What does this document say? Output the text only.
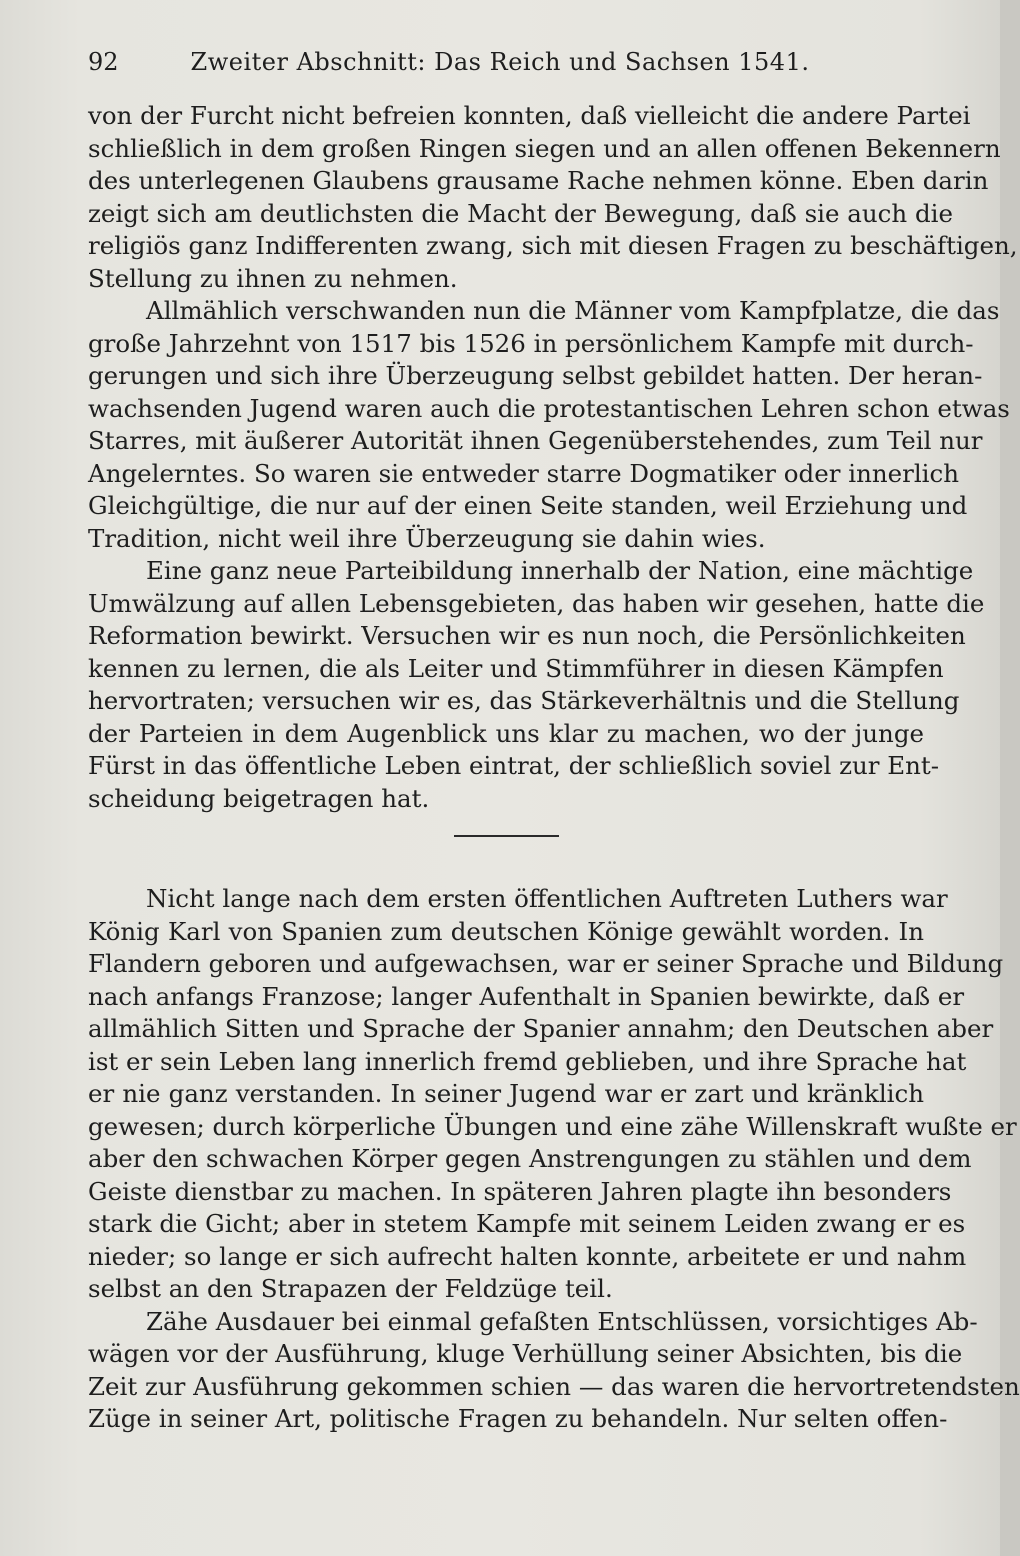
92	Zweiter Abschnitt: Das Reich und Sachsen 1541.

von der Furcht nicht befreien konnten, daß vielleicht die andere Partei
schließlich in dem großen Ringen siegen und an allen offenen Bekennern
des unterlegenen Glaubens grausame Rache nehmen könne. Eben darin
zeigt sich am deutlichsten die Macht der Bewegung, daß sie auch die
religiös ganz Indifferenten zwang, sich mit diesen Fragen zu beschäftigen,
Stellung zu ihnen zu nehmen.

Allmählich verschwanden nun die Männer vom Kampfplatze, die das
große Jahrzehnt von 1517 bis 1526 in persönlichem Kampfe mit durch-
gerungen und sich ihre Überzeugung selbst gebildet hatten. Der heran-
wachsenden Jugend waren auch die protestantischen Lehren schon etwas
Starres, mit äußerer Autorität ihnen Gegenüberstehendes, zum Teil nur
Angelerntes. So waren sie entweder starre Dogmatiker oder innerlich
Gleichgültige, die nur auf der einen Seite standen, weil Erziehung und
Tradition, nicht weil ihre Überzeugung sie dahin wies.

Eine ganz neue Parteibildung innerhalb der Nation, eine mächtige
Umwälzung auf allen Lebensgebieten, das haben wir gesehen, hatte die
Reformation bewirkt. Versuchen wir es nun noch, die Persönlichkeiten
kennen zu lernen, die als Leiter und Stimmführer in diesen Kämpfen
hervortraten; versuchen wir es, das Stärkeverhältnis und die Stellung
der Parteien in dem Augenblick uns klar zu machen, wo der junge
Fürst in das öffentliche Leben eintrat, der schließlich soviel zur Ent-
scheidung beigetragen hat.

Nicht lange nach dem ersten öffentlichen Auftreten Luthers war
König Karl von Spanien zum deutschen Könige gewählt worden. In
Flandern geboren und aufgewachsen, war er seiner Sprache und Bildung
nach anfangs Franzose; langer Aufenthalt in Spanien bewirkte, daß er
allmählich Sitten und Sprache der Spanier annahm; den Deutschen aber
ist er sein Leben lang innerlich fremd geblieben, und ihre Sprache hat
er nie ganz verstanden. In seiner Jugend war er zart und kränklich
gewesen; durch körperliche Übungen und eine zähe Willenskraft wußte er
aber den schwachen Körper gegen Anstrengungen zu stählen und dem
Geiste dienstbar zu machen. In späteren Jahren plagte ihn besonders
stark die Gicht; aber in stetem Kampfe mit seinem Leiden zwang er es
nieder; so lange er sich aufrecht halten konnte, arbeitete er und nahm
selbst an den Strapazen der Feldzüge teil.

Zähe Ausdauer bei einmal gefaßten Entschlüssen, vorsichtiges Ab-
wägen vor der Ausführung, kluge Verhüllung seiner Absichten, bis die
Zeit zur Ausführung gekommen schien — das waren die hervortretendsten
Züge in seiner Art, politische Fragen zu behandeln. Nur selten offen-
